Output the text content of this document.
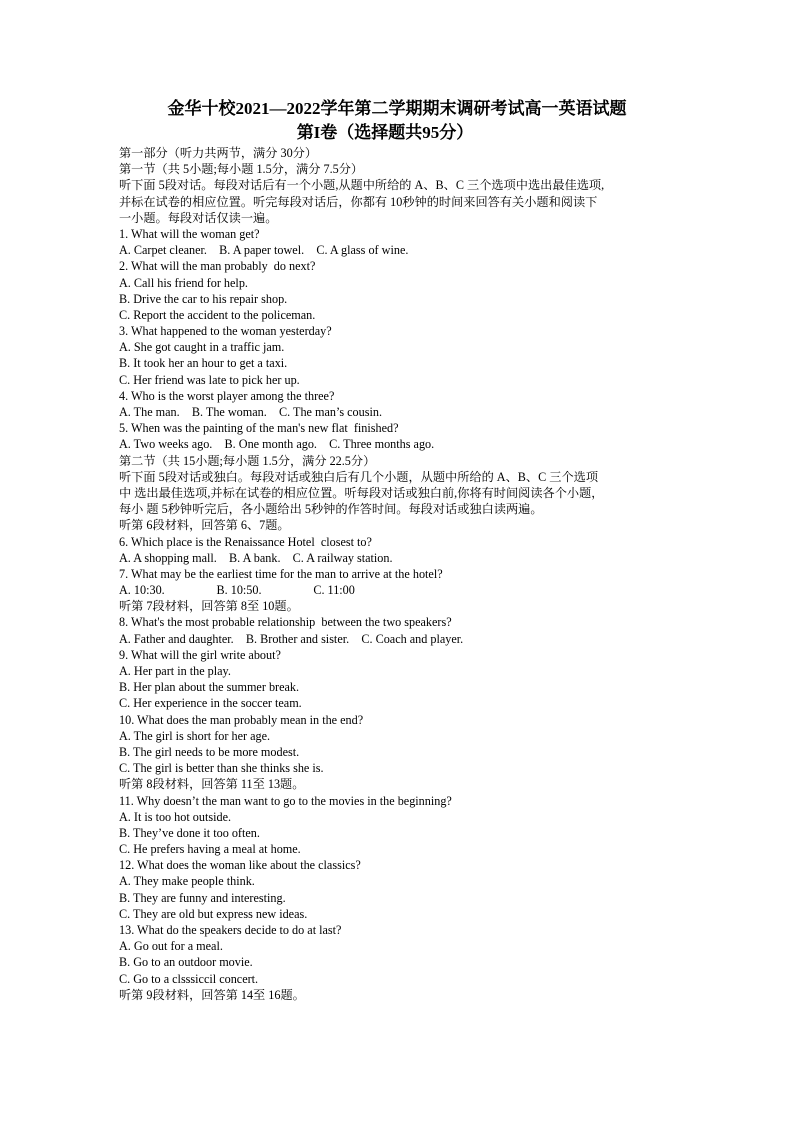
金华十校2021—2022学年第二学期期末调研考试高一英语试题
第I卷（选择题共95分）
第一部分（听力共两节，满分 30分）
第一节（共 5小题;每小题 1.5分，满分 7.5分）
听下面 5段对话。每段对话后有一个小题,从题中所给的 A、B、C 三个选项中选出最佳选项,
并标在试卷的相应位置。听完每段对话后，你都有 10秒钟的时间来回答有关小题和阅读下
一小题。每段对话仅读一遍。
1. What will the woman get?
A. Carpet cleaner.    B. A paper towel.    C. A glass of wine.
2. What will the man probably  do next?
A. Call his friend for help.
B. Drive the car to his repair shop.
C. Report the accident to the policeman.
3. What happened to the woman yesterday?
A. She got caught in a traffic jam.
B. It took her an hour to get a taxi.
C. Her friend was late to pick her up.
4. Who is the worst player among the three?
A. The man.    B. The woman.    C. The man’s cousin.
5. When was the painting of the man's new flat  finished?
A. Two weeks ago.    B. One month ago.    C. Three months ago.
第二节（共 15小题;每小题 1.5分，满分 22.5分）
听下面 5段对话或独白。每段对话或独白后有几个小题，从题中所给的 A、B、C 三个选项
中 选出最佳选项,并标在试卷的相应位置。听每段对话或独白前,你将有时间阅读各个小题，
每小 题 5秒钟听完后，各小题给出 5秒钟的作答时间。每段对话或独白读两遍。
听第 6段材料，回答第 6、7题。
6. Which place is the Renaissance Hotel  closest to?
A. A shopping mall.    B. A bank.    C. A railway station.
7. What may be the earliest time for the man to arrive at the hotel?
A. 10:30.                 B. 10:50.                 C. 11:00
听第 7段材料，回答第 8至 10题。
8. What's the most probable relationship  between the two speakers?
A. Father and daughter.    B. Brother and sister.    C. Coach and player.
9. What will the girl write about?
A. Her part in the play.
B. Her plan about the summer break.
C. Her experience in the soccer team.
10. What does the man probably mean in the end?
A. The girl is short for her age.
B. The girl needs to be more modest.
C. The girl is better than she thinks she is.
听第 8段材料，回答第 11至 13题。
11. Why doesn’t the man want to go to the movies in the beginning?
A. It is too hot outside.
B. They’ve done it too often.
C. He prefers having a meal at home.
12. What does the woman like about the classics?
A. They make people think.
B. They are funny and interesting.
C. They are old but express new ideas.
13. What do the speakers decide to do at last?
A. Go out for a meal.
B. Go to an outdoor movie.
C. Go to a clsssiccil concert.
听第 9段材料，回答第 14至 16题。
